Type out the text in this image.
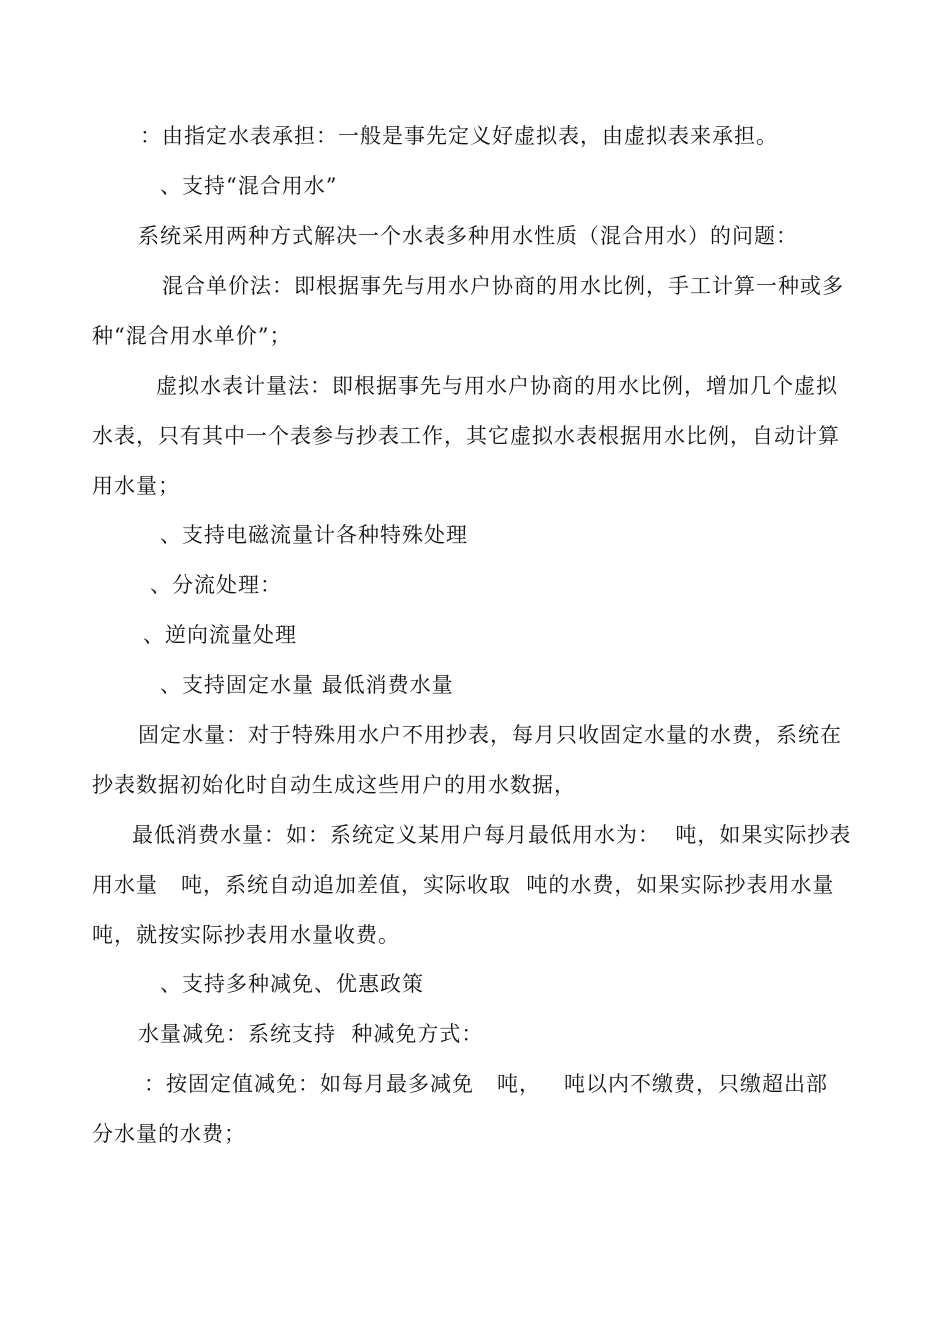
：由指定水表承担：一般是事先定义好虚拟表，由虚拟表来承担。
、支持“混合用水”
系统采用两种方式解决一个水表多种用水性质（混合用水）的问题：
混合单价法：即根据事先与用水户协商的用水比例，手工计算一种或多
种“混合用水单价”；
虚拟水表计量法：即根据事先与用水户协商的用水比例，增加几个虚拟
水表，只有其中一个表参与抄表工作，其它虚拟水表根据用水比例，自动计算
用水量；
、支持电磁流量计各种特殊处理
、分流处理：
、逆向流量处理
、支持固定水量 最低消费水量
固定水量：对于特殊用水户不用抄表，每月只收固定水量的水费，系统在
抄表数据初始化时自动生成这些用户的用水数据，
最低消费水量：如：系统定义某用户每月最低用水为：  吨，如果实际抄表
用水量   吨，系统自动追加差值，实际收取  吨的水费，如果实际抄表用水量
吨，就按实际抄表用水量收费。
、支持多种减免、优惠政策
水量减免：系统支持  种减免方式：
：按固定值减免：如每月最多减免   吨，   吨以内不缴费，只缴超出部
分水量的水费；
